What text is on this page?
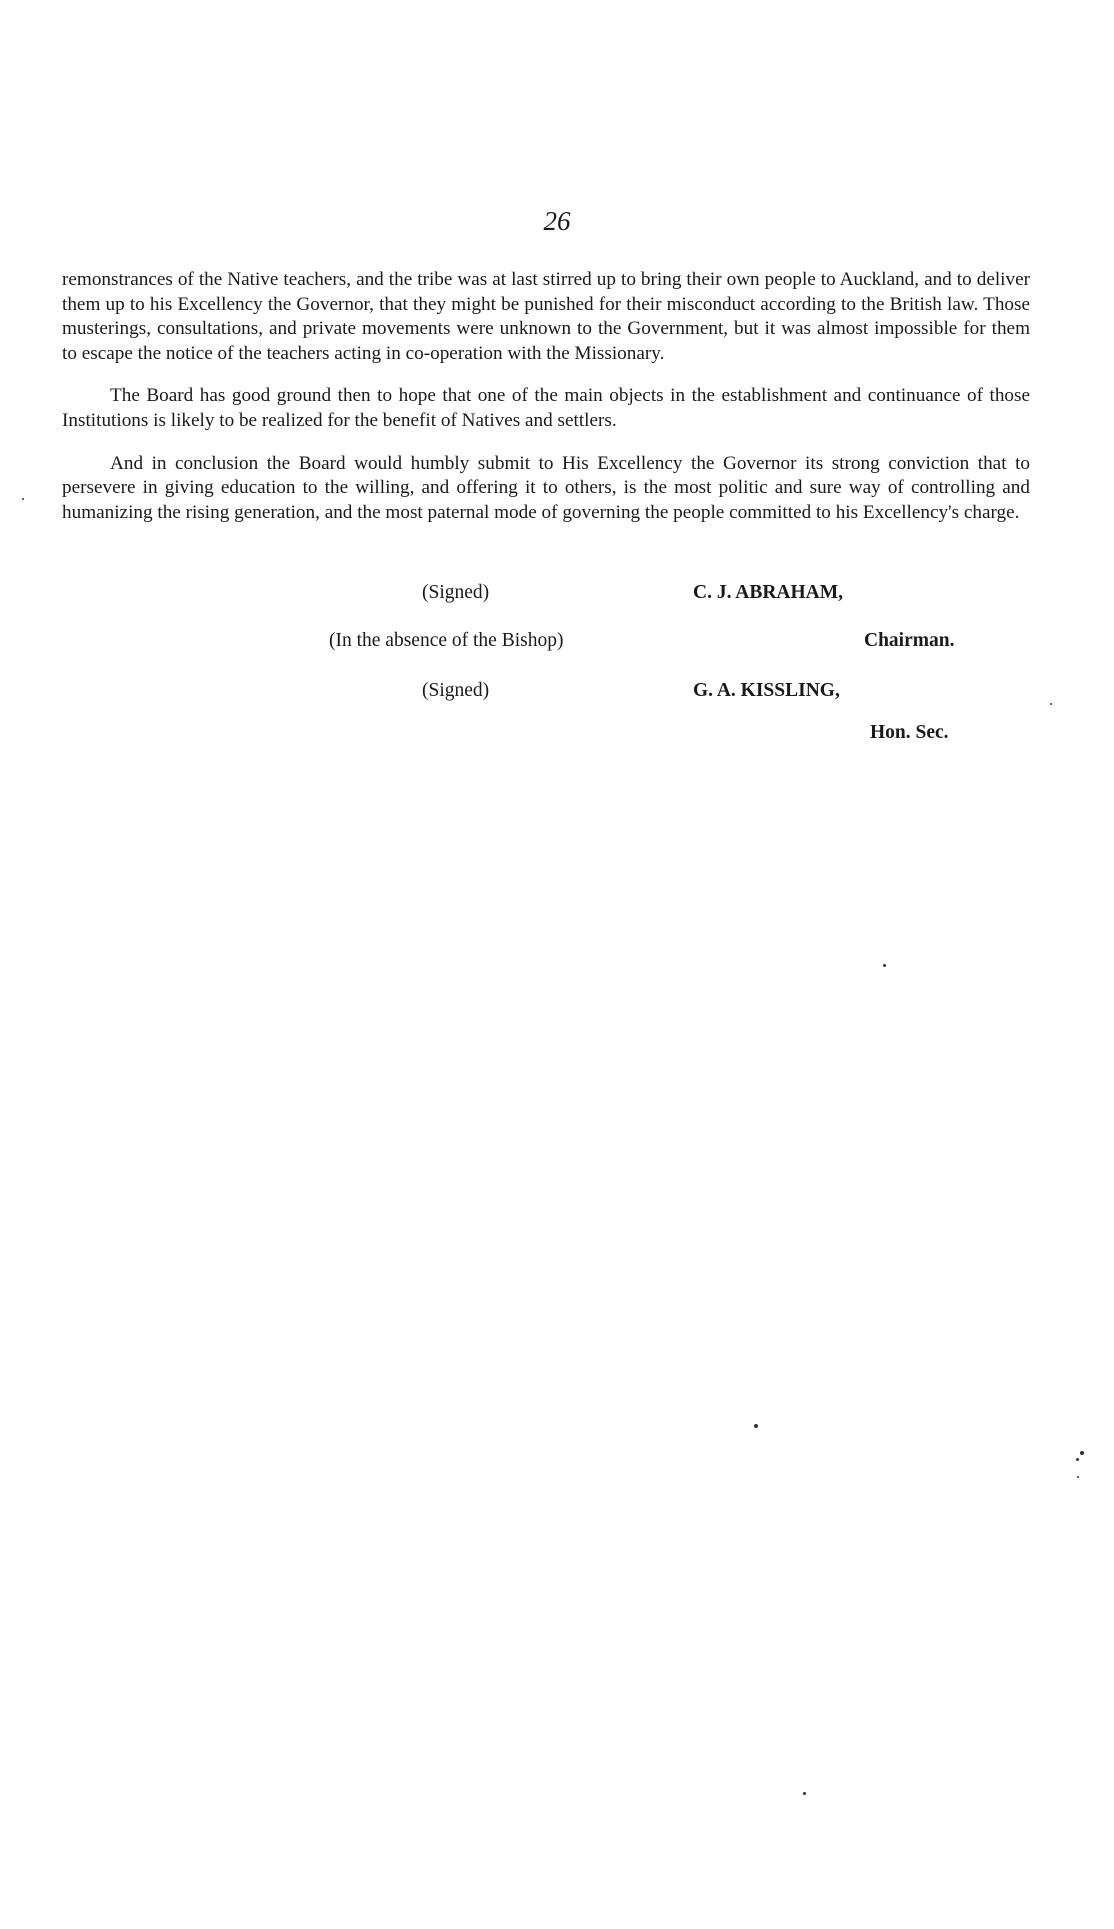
26

remonstrances of the Native teachers, and the tribe was at last stirred up to bring their own people to Auckland, and to deliver them up to his Excellency the Governor, that they might be punished for their misconduct according to the British law. Those musterings, consultations, and private movements were unknown to the Government, but it was almost impossible for them to escape the notice of the teachers acting in co-operation with the Missionary.

The Board has good ground then to hope that one of the main objects in the establishment and continuance of those Institutions is likely to be realized for the benefit of Natives and settlers.

And in conclusion the Board would humbly submit to His Excellency the Governor its strong conviction that to persevere in giving education to the willing, and offering it to others, is the most politic and sure way of controlling and humanizing the rising generation, and the most paternal mode of governing the people committed to his Excellency's charge.

(Signed)	C. J. ABRAHAM,
(In the absence of the Bishop)	Chairman.
(Signed)	G. A. KISSLING,
Hon. Sec.
